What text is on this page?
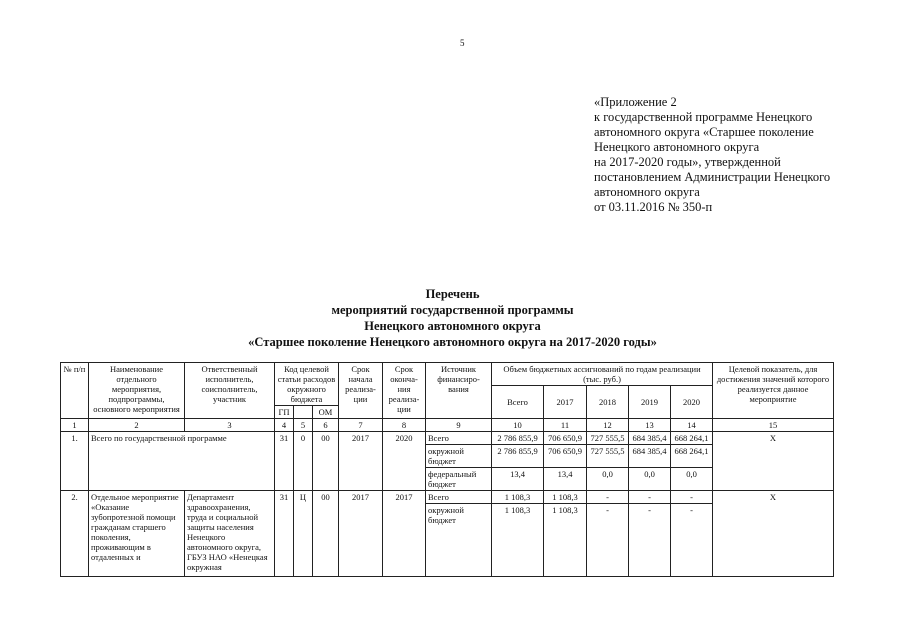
5
«Приложение 2
к государственной программе Ненецкого
автономного округа «Старшее поколение
Ненецкого автономного округа
на 2017-2020 годы», утвержденной
постановлением Администрации Ненецкого
автономного округа
от 03.11.2016 № 350-п
Перечень
мероприятий государственной программы
Ненецкого автономного округа
«Старшее поколение Ненецкого автономного округа на 2017-2020 годы»
№ п/п	Наименование отдельного мероприятия, подпрограммы, основного мероприятия	Ответственный исполнитель, соисполнитель, участник	Код целевой статьи расходов окружного бюджета			Срок начала реализа-ции	Срок оконча-ния реализа-ции	Источник финансиро-вания	Объем бюджетных ассигнований по годам реализации (тыс. руб.)					Целевой показатель, для достижения значений которого реализуется данное мероприятие
									Всего	2017	2018	2019	2020	
			ГП		ОМ									
1	2	3	4	5	6	7	8	9	10	11	12	13	14	15
1.	Всего по государственной программе		31	0	00	2017	2020	Всего	2 786 855,9	706 650,9	727 555,5	684 385,4	668 264,1	Х
								окружной бюджет	2 786 855,9	706 650,9	727 555,5	684 385,4	668 264,1	
								федеральный бюджет	13,4	13,4	0,0	0,0	0,0	
2.	Отдельное мероприятие «Оказание зубопротезной помощи гражданам старшего поколения, проживающим в отдаленных и	Департамент здравоохранения, труда и социальной защиты населения Ненецкого автономного округа, ГБУЗ НАО «Ненецкая окружная	31	Ц	00	2017	2017	Всего	1 108,3	1 108,3	-	-	-	Х
								окружной бюджет	1 108,3	1 108,3	-	-	-	
